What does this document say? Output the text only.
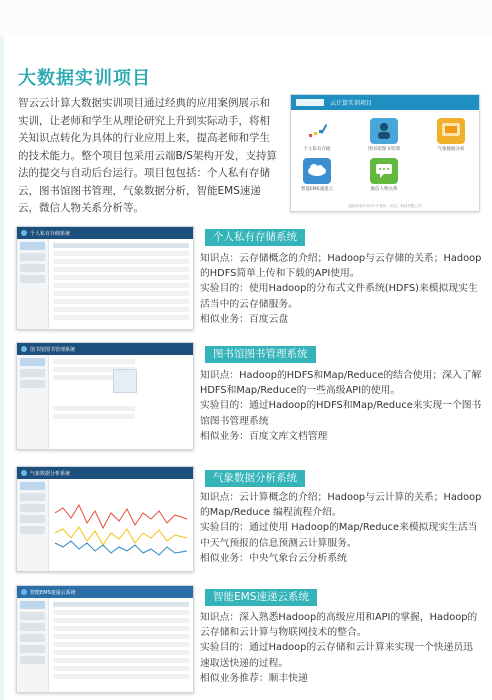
大数据实训项目
智云云计算大数据实训项目通过经典的应用案例展示和实训，让老师和学生从理论研究上升到实际动手，将相关知识点转化为具体的行业应用上来，提高老师和学生的技术能力。整个项目包采用云端B/S架构开发，支持算法的提交与自动后台运行。项目包包括：个人私有存储云，图书馆图书管理，气象数据分析，智能EMS速递云，微信人物关系分析等。
云计算实训项目
个人私有存储	图书馆图书管理	气象数据分析
智能EMS速递云	微信人物关系
版权所有©2015 中智讯（武汉）科技有限公司
个人私有存储系统	个人私有存储系统

知识点：云存储概念的介绍；Hadoop与云存储的关系；Hadoop的HDFS简单上传和下载的API使用。

实验目的：使用Hadoop的分布式文件系统(HDFS)来模拟现实生活当中的云存储服务。

相似业务：百度云盘

图书馆图书管理系统	图书馆图书管理系统

知识点：Hadoop的HDFS和Map/Reduce的结合使用；深入了解HDFS和Map/Reduce的一些高级API的使用。

实验目的：通过Hadoop的HDFS和Map/Reduce来实现一个图书馆图书管理系统

相似业务：百度文库文档管理

气象数据分析系统	气象数据分析系统

知识点：云计算概念的介绍；Hadoop与云计算的关系；Hadoop的Map/Reduce 编程流程介绍。

实验目的：通过使用 Hadoop的Map/Reduce来模拟现实生活当中天气预报的信息预测云计算服务。

相似业务：中央气象台云分析系统

智能EMS速递云系统	智能EMS速递云系统

知识点：深入熟悉Hadoop的高级应用和API的掌握，Hadoop的云存储和云计算与物联网技术的整合。

实验目的：通过Hadoop的云存储和云计算来实现一个快递员迅速取送快递的过程。

相似业务推荐：顺丰快递
